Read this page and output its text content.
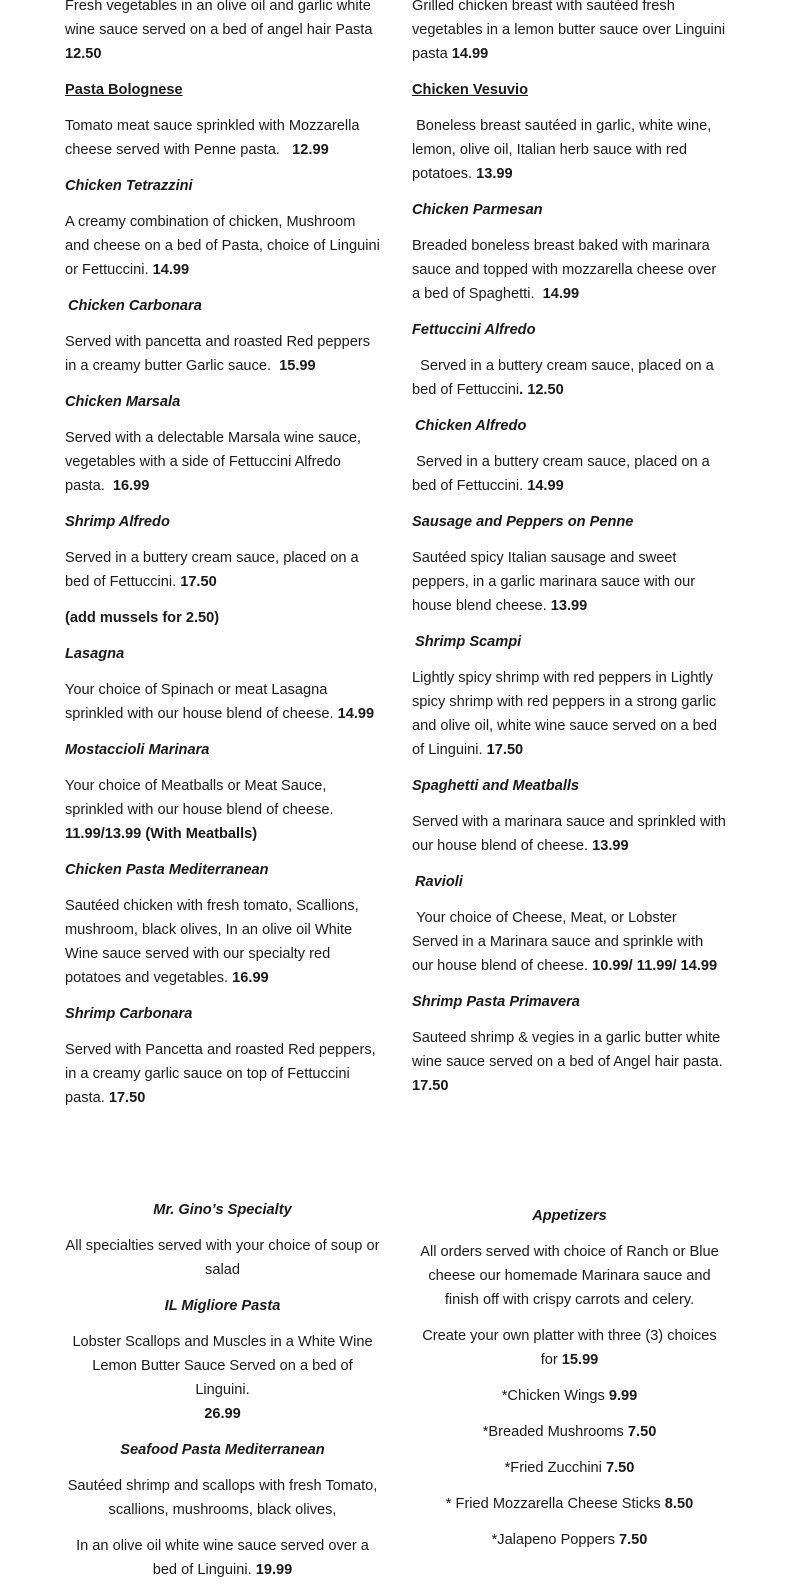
Fresh vegetables in an olive oil and garlic white wine sauce served on a bed of angel hair Pasta
12.50

Pasta Bolognese

Tomato meat sauce sprinkled with Mozzarella cheese served with Penne pasta. 12.99

Chicken Tetrazzini

A creamy combination of chicken, Mushroom and cheese on a bed of Pasta, choice of Linguini or Fettuccini. 14.99

Chicken Carbonara

Served with pancetta and roasted Red peppers in a creamy butter Garlic sauce. 15.99

Chicken Marsala

Served with a delectable Marsala wine sauce, vegetables with a side of Fettuccini Alfredo pasta. 16.99

Shrimp Alfredo

Served in a buttery cream sauce, placed on a bed of Fettuccini. 17.50

(add mussels for 2.50)

Lasagna

Your choice of Spinach or meat Lasagna sprinkled with our house blend of cheese. 14.99

Mostaccioli Marinara

Your choice of Meatballs or Meat Sauce, sprinkled with our house blend of cheese.
11.99/13.99 (With Meatballs)

Chicken Pasta Mediterranean

Sautéed chicken with fresh tomato, Scallions, mushroom, black olives, In an olive oil White Wine sauce served with our specialty red potatoes and vegetables. 16.99

Shrimp Carbonara

Served with Pancetta and roasted Red peppers, in a creamy garlic sauce on top of Fettuccini pasta. 17.50

Grilled chicken breast with sautéed fresh vegetables in a lemon butter sauce over Linguini pasta 14.99

Chicken Vesuvio

Boneless breast sautéed in garlic, white wine, lemon, olive oil, Italian herb sauce with red potatoes. 13.99

Chicken Parmesan

Breaded boneless breast baked with marinara sauce and topped with mozzarella cheese over a bed of Spaghetti. 14.99

Fettuccini Alfredo

Served in a buttery cream sauce, placed on a bed of Fettuccini. 12.50

Chicken Alfredo

Served in a buttery cream sauce, placed on a bed of Fettuccini. 14.99

Sausage and Peppers on Penne

Sautéed spicy Italian sausage and sweet peppers, in a garlic marinara sauce with our house blend cheese. 13.99

Shrimp Scampi

Lightly spicy shrimp with red peppers in Lightly spicy shrimp with red peppers in a strong garlic and olive oil, white wine sauce served on a bed of Linguini. 17.50

Spaghetti and Meatballs

Served with a marinara sauce and sprinkled with our house blend of cheese. 13.99

Ravioli

Your choice of Cheese, Meat, or Lobster Served in a Marinara sauce and sprinkle with our house blend of cheese. 10.99/ 11.99/ 14.99

Shrimp Pasta Primavera

Sauteed shrimp & vegies in a garlic butter white wine sauce served on a bed of Angel hair pasta.
17.50

Mr. Gino’s Specialty

All specialties served with your choice of soup or salad

IL Migliore Pasta

Lobster Scallops and Muscles in a White Wine Lemon Butter Sauce Served on a bed of Linguini.
26.99

Seafood Pasta Mediterranean

Sautéed shrimp and scallops with fresh Tomato, scallions, mushrooms, black olives,

In an olive oil white wine sauce served over a bed of Linguini. 19.99

Appetizers

All orders served with choice of Ranch or Blue cheese our homemade Marinara sauce and finish off with crispy carrots and celery.

Create your own platter with three (3) choices for 15.99

*Chicken Wings 9.99

*Breaded Mushrooms 7.50

*Fried Zucchini 7.50

* Fried Mozzarella Cheese Sticks 8.50

*Jalapeno Poppers 7.50
